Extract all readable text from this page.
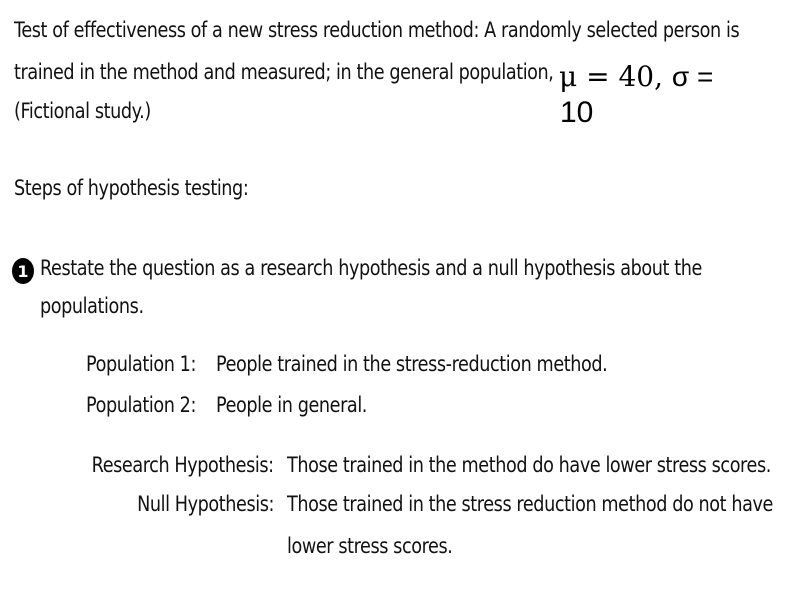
Test of effectiveness of a new stress reduction method: A randomly selected person is
trained in the method and measured; in the general population,
(Fictional study.)
μ = 40, σ =
10
Steps of hypothesis testing:
1 Restate the question as a research hypothesis and a null hypothesis about the
populations.
Population 1: People trained in the stress-reduction method.
Population 2: People in general.
Research Hypothesis: Those trained in the method do have lower stress scores.
Null Hypothesis: Those trained in the stress reduction method do not have
lower stress scores.
